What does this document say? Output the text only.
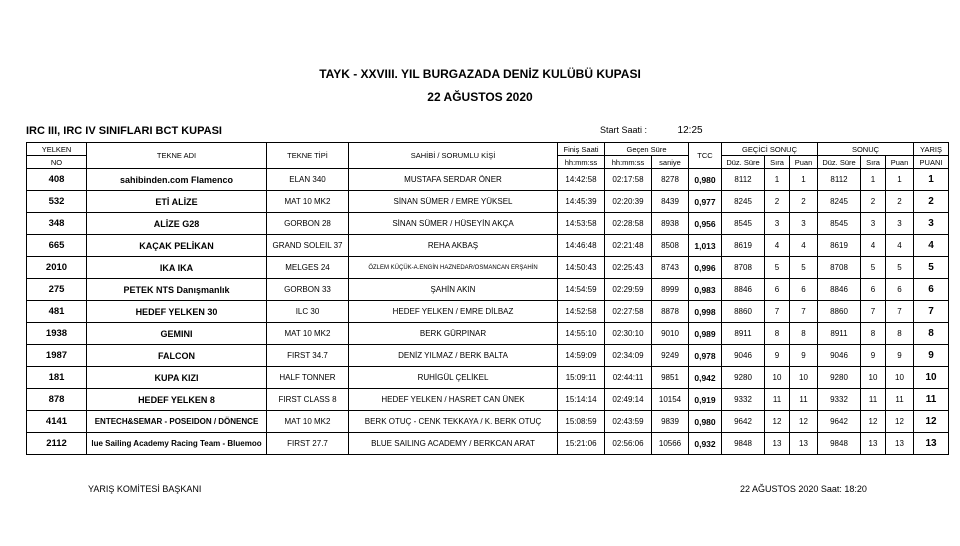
TAYK - XXVIII. YIL BURGAZADA DENİZ KULÜBÜ KUPASI
22 AĞUSTOS 2020
IRC III, IRC IV SINIFLARI BCT KUPASI	Start Saati :	12:25
YELKEN	TEKNE ADI	TEKNE TİPİ	SAHİBİ / SORUMLU KİŞİ	Finiş Saati	Geçen Süre		TCC	GEÇİCİ SONUÇ			SONUÇ			YARIŞ
NO				hh:mm:ss	hh:mm:ss	saniye		Düz. Süre	Sıra	Puan	Düz. Süre	Sıra	Puan	PUANI
408	sahibinden.com Flamenco	ELAN 340	MUSTAFA SERDAR ÖNER	14:42:58	02:17:58	8278	0,980	8112	1	1	8112	1	1	1
532	ETİ ALİZE	MAT 10 MK2	SİNAN SÜMER / EMRE YÜKSEL	14:45:39	02:20:39	8439	0,977	8245	2	2	8245	2	2	2
348	ALİZE G28	GORBON 28	SİNAN SÜMER / HÜSEYİN AKÇA	14:53:58	02:28:58	8938	0,956	8545	3	3	8545	3	3	3
665	KAÇAK PELİKAN	GRAND SOLEIL 37	REHA AKBAŞ	14:46:48	02:21:48	8508	1,013	8619	4	4	8619	4	4	4
2010	IKA IKA	MELGES 24	ÖZLEM KÜÇÜK-A.ENGİN HAZNEDAR/OSMANCAN ERŞAHİN	14:50:43	02:25:43	8743	0,996	8708	5	5	8708	5	5	5
275	PETEK NTS Danışmanlık	GORBON 33	ŞAHİN AKIN	14:54:59	02:29:59	8999	0,983	8846	6	6	8846	6	6	6
481	HEDEF YELKEN 30	ILC 30	HEDEF YELKEN / EMRE DİLBAZ	14:52:58	02:27:58	8878	0,998	8860	7	7	8860	7	7	7
1938	GEMINI	MAT 10 MK2	BERK GÜRPINAR	14:55:10	02:30:10	9010	0,989	8911	8	8	8911	8	8	8
1987	FALCON	FIRST 34.7	DENİZ YILMAZ / BERK BALTA	14:59:09	02:34:09	9249	0,978	9046	9	9	9046	9	9	9
181	KUPA KIZI	HALF TONNER	RUHİGÜL ÇELİKEL	15:09:11	02:44:11	9851	0,942	9280	10	10	9280	10	10	10
878	HEDEF YELKEN 8	FIRST CLASS 8	HEDEF YELKEN / HASRET CAN ÜNEK	15:14:14	02:49:14	10154	0,919	9332	11	11	9332	11	11	11
4141	ENTECH&SEMAR - POSEIDON / DÖNENCE	MAT 10 MK2	BERK OTUÇ - CENK TEKKAYA / K. BERK OTUÇ	15:08:59	02:43:59	9839	0,980	9642	12	12	9642	12	12	12
2112	lue Sailing Academy Racing Team - Bluemoo	FIRST 27.7	BLUE SAILING ACADEMY / BERKCAN ARAT	15:21:06	02:56:06	10566	0,932	9848	13	13	9848	13	13	13
YARIŞ KOMİTESİ BAŞKANI	22 AĞUSTOS 2020 Saat: 18:20
